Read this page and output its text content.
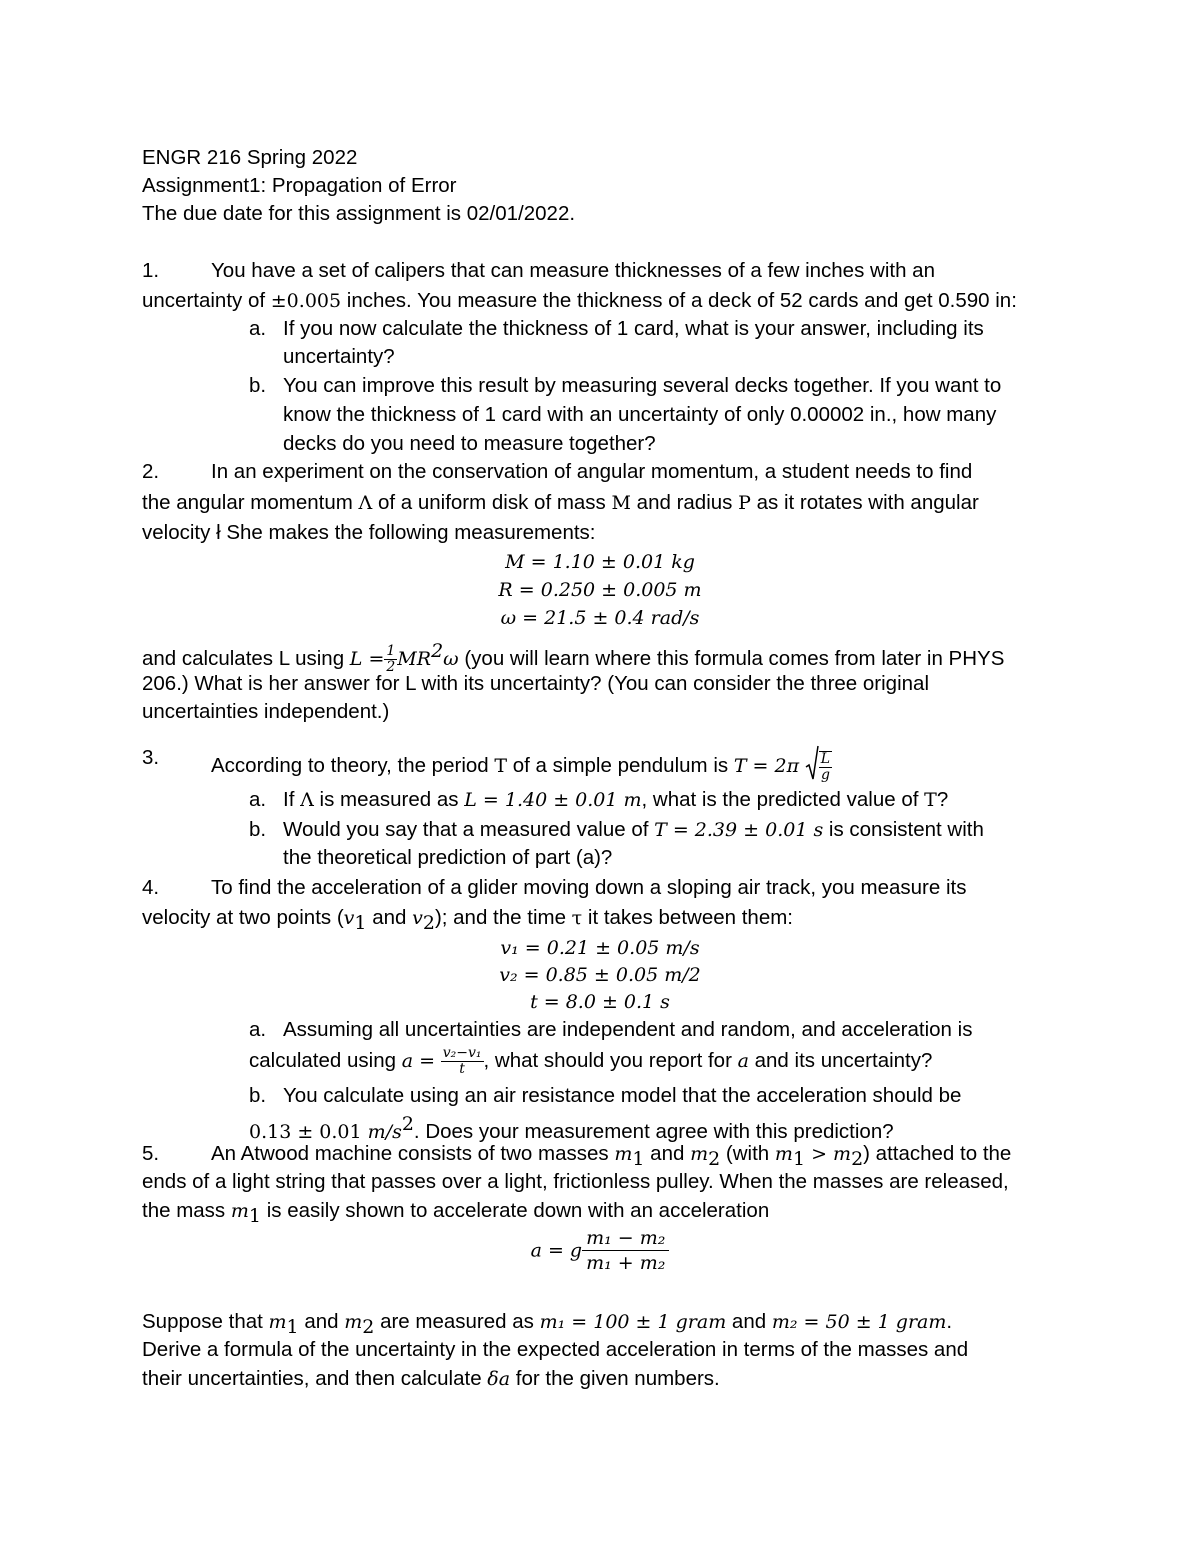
ENGR 216 Spring 2022
Assignment1: Propagation of Error
The due date for this assignment is 02/01/2022.
1.	You have a set of calipers that can measure thicknesses of a few inches with an
uncertainty of ±0.005 inches. You measure the thickness of a deck of 52 cards and get 0.590 in:
a. If you now calculate the thickness of 1 card, what is your answer, including its
uncertainty?
b. You can improve this result by measuring several decks together. If you want to
know the thickness of 1 card with an uncertainty of only 0.00002 in., how many
decks do you need to measure together?
2.	In an experiment on the conservation of angular momentum, a student needs to find
the angular momentum Λ of a uniform disk of mass M and radius Ρ as it rotates with angular
velocity ł She makes the following measurements:
M = 1.10 ± 0.01 kg
R = 0.250 ± 0.005 m
ω = 21.5 ± 0.4 rad/s
and calculates L using $L = \frac{1}{2} MR^2\omega$ (you will learn where this formula comes from later in PHYS
206.) What is her answer for L with its uncertainty? (You can consider the three original
uncertainties independent.)
3.	According to theory, the period T of a simple pendulum is $T = 2\pi \frac{L}{g}$
a. If Λ is measured as L = 1.40 ± 0.01 m, what is the predicted value of T?
b. Would you say that a measured value of T = 2.39 ± 0.01 s is consistent with
the theoretical prediction of part (a)?
4.	To find the acceleration of a glider moving down a sloping air track, you measure its
velocity at two points ($v_1$ and $v_2$); and the time τ it takes between them:
v₁ = 0.21 ± 0.05 m/s
v₂ = 0.85 ± 0.05 m/2
t = 8.0 ± 0.1 s
a. Assuming all uncertainties are independent and random, and acceleration is
calculated using $a = \frac{\text{v₂−v₁}}{t}$ , what should you report for a and its uncertainty?
b. You calculate using an air resistance model that the acceleration should be
0.13 ± 0.01 $m/s^2$. Does your measurement agree with this prediction?
5.	An Atwood machine consists of two masses $m_1$ and $m_2$ (with $m_1 > m_2$) attached to the
ends of a light string that passes over a light, frictionless pulley. When the masses are released,
the mass $m_1$ is easily shown to accelerate down with an acceleration
a = g $\frac{\text{m₁ − m₂}}{\text{m₁ + m₂}}$
Suppose that $m_1$ and $m_2$ are measured as m₁ = 100 ± 1 gram and m₂ = 50 ± 1 gram.
Derive a formula of the uncertainty in the expected acceleration in terms of the masses and
their uncertainties, and then calculate δa for the given numbers.
